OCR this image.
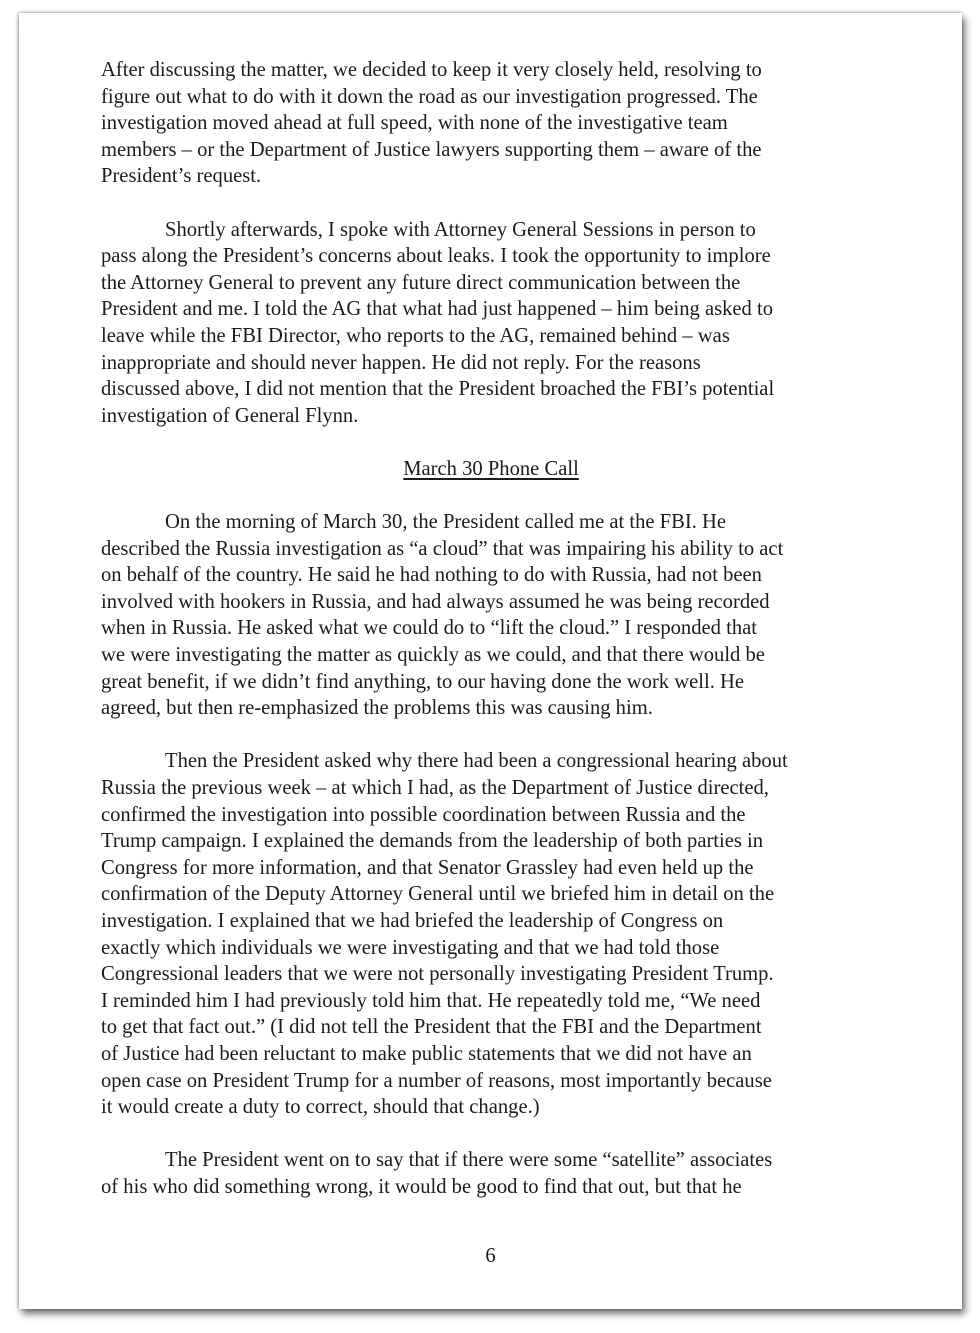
After discussing the matter, we decided to keep it very closely held, resolving to
figure out what to do with it down the road as our investigation progressed. The
investigation moved ahead at full speed, with none of the investigative team
members – or the Department of Justice lawyers supporting them – aware of the
President’s request.
Shortly afterwards, I spoke with Attorney General Sessions in person to
pass along the President’s concerns about leaks. I took the opportunity to implore
the Attorney General to prevent any future direct communication between the
President and me. I told the AG that what had just happened – him being asked to
leave while the FBI Director, who reports to the AG, remained behind – was
inappropriate and should never happen. He did not reply. For the reasons
discussed above, I did not mention that the President broached the FBI’s potential
investigation of General Flynn.
March 30 Phone Call
On the morning of March 30, the President called me at the FBI. He
described the Russia investigation as “a cloud” that was impairing his ability to act
on behalf of the country. He said he had nothing to do with Russia, had not been
involved with hookers in Russia, and had always assumed he was being recorded
when in Russia. He asked what we could do to “lift the cloud.” I responded that
we were investigating the matter as quickly as we could, and that there would be
great benefit, if we didn’t find anything, to our having done the work well. He
agreed, but then re-emphasized the problems this was causing him.
Then the President asked why there had been a congressional hearing about
Russia the previous week – at which I had, as the Department of Justice directed,
confirmed the investigation into possible coordination between Russia and the
Trump campaign. I explained the demands from the leadership of both parties in
Congress for more information, and that Senator Grassley had even held up the
confirmation of the Deputy Attorney General until we briefed him in detail on the
investigation. I explained that we had briefed the leadership of Congress on
exactly which individuals we were investigating and that we had told those
Congressional leaders that we were not personally investigating President Trump.
I reminded him I had previously told him that. He repeatedly told me, “We need
to get that fact out.” (I did not tell the President that the FBI and the Department
of Justice had been reluctant to make public statements that we did not have an
open case on President Trump for a number of reasons, most importantly because
it would create a duty to correct, should that change.)
The President went on to say that if there were some “satellite” associates
of his who did something wrong, it would be good to find that out, but that he
6
